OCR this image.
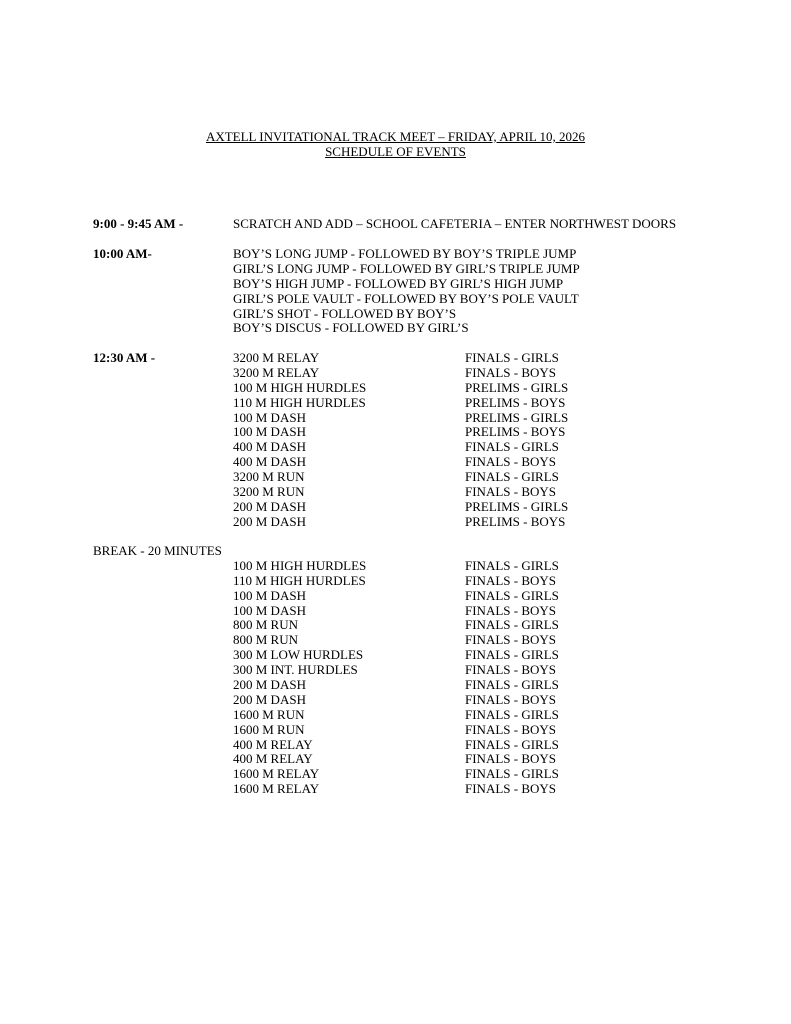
AXTELL INVITATIONAL TRACK MEET – FRIDAY, APRIL 10, 2026
SCHEDULE OF EVENTS
9:00 - 9:45 AM -	SCRATCH AND ADD – SCHOOL CAFETERIA – ENTER NORTHWEST DOORS
10:00 AM-	BOY’S LONG JUMP - FOLLOWED BY BOY’S TRIPLE JUMP
GIRL’S LONG JUMP - FOLLOWED BY GIRL’S TRIPLE JUMP
BOY’S HIGH JUMP - FOLLOWED BY GIRL’S HIGH JUMP
GIRL’S POLE VAULT - FOLLOWED BY BOY’S POLE VAULT
GIRL’S SHOT - FOLLOWED BY BOY’S
BOY’S DISCUS - FOLLOWED BY GIRL’S
12:30 AM -	3200 M RELAY	FINALS - GIRLS
3200 M RELAY	FINALS - BOYS
100 M HIGH HURDLES	PRELIMS - GIRLS
110 M HIGH HURDLES	PRELIMS - BOYS
100 M DASH	PRELIMS - GIRLS
100 M DASH	PRELIMS - BOYS
400 M DASH	FINALS - GIRLS
400 M DASH	FINALS - BOYS
3200 M RUN	FINALS - GIRLS
3200 M RUN	FINALS - BOYS
200 M DASH	PRELIMS - GIRLS
200 M DASH	PRELIMS - BOYS
BREAK - 20 MINUTES
100 M HIGH HURDLES	FINALS - GIRLS
110 M HIGH HURDLES	FINALS - BOYS
100 M DASH	FINALS - GIRLS
100 M DASH	FINALS - BOYS
800 M RUN	FINALS - GIRLS
800 M RUN	FINALS - BOYS
300 M LOW HURDLES	FINALS - GIRLS
300 M INT. HURDLES	FINALS - BOYS
200 M DASH	FINALS - GIRLS
200 M DASH	FINALS - BOYS
1600 M RUN	FINALS - GIRLS
1600 M RUN	FINALS - BOYS
400 M RELAY	FINALS - GIRLS
400 M RELAY	FINALS - BOYS
1600 M RELAY	FINALS - GIRLS
1600 M RELAY	FINALS - BOYS
